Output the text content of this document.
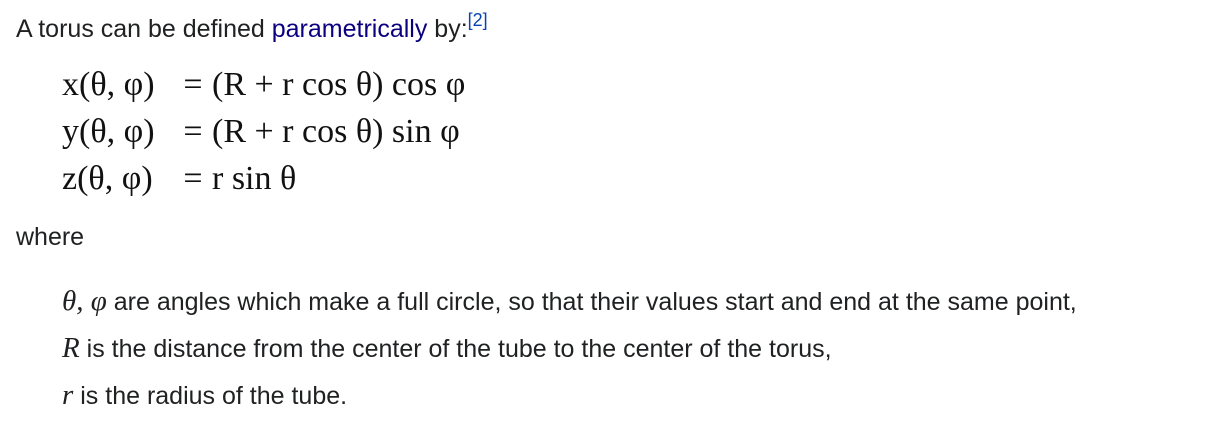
A torus can be defined parametrically by:[2]
x(θ, φ) = (R + r cos θ) cos φ
y(θ, φ) = (R + r cos θ) sin φ
z(θ, φ) = r sin θ
where
θ, φ are angles which make a full circle, so that their values start and end at the same point,
R is the distance from the center of the tube to the center of the torus,
r is the radius of the tube.
